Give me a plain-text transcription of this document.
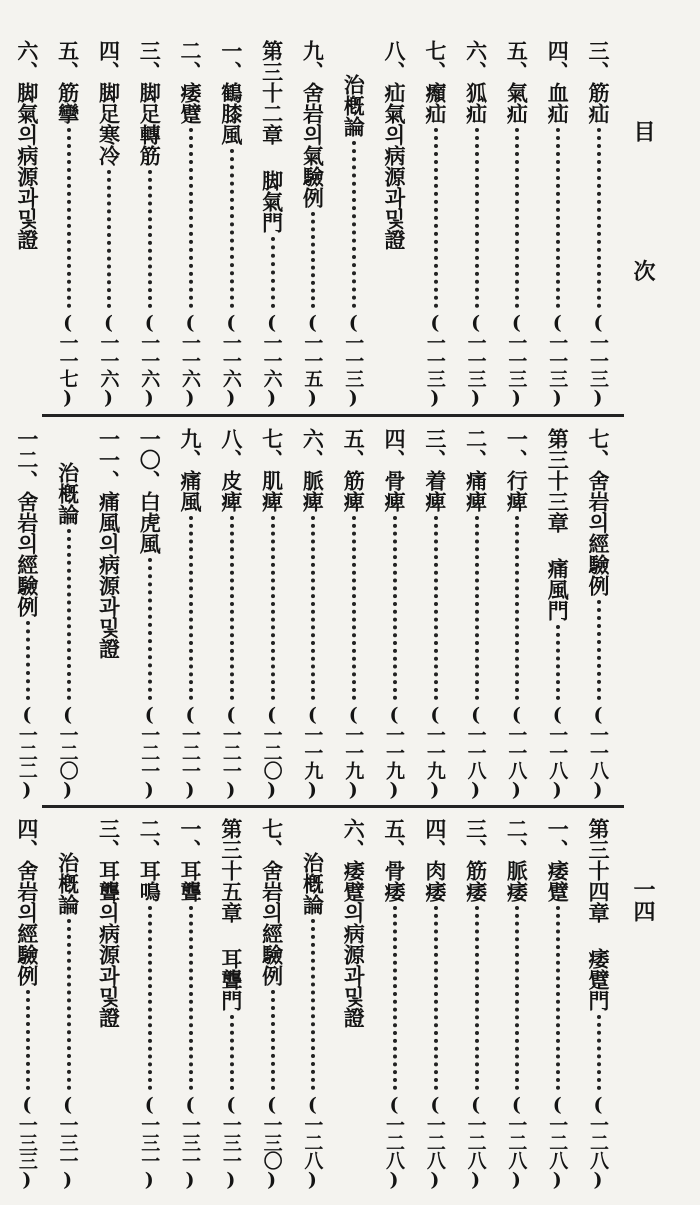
目 次
一四
三、
筋疝
(一一三)
四、
血疝
(一一三)
五、
氣疝
(一一三)
六、
狐疝
(一一三)
七、
㿗疝
(一一三)
八、
疝氣의病源과및證
治槪論
(一一三)
九、
舍岩의氣驗例
(一一五)
第三十二章 脚氣門
(一一六)
一、
鶴膝風
(一一六)
二、
痿躄
(一一六)
三、
脚足轉筋
(一一六)
四、
脚足寒冷
(一一六)
五、
筋攣
(一一七)
六、
脚氣의病源과및證
七、
舍岩의經驗例
(一一八)
第三十三章 痛風門
(一一八)
一、
行痺
(一一八)
二、
痛痺
(一一八)
三、
着痺
(一一九)
四、
骨痺
(一一九)
五、
筋痺
(一一九)
六、
脈痺
(一一九)
七、
肌痺
(一二〇)
八、
皮痺
(一二一)
九、
痛風
(一二一)
一〇、
白虎風
(一二一)
一一、
痛風의病源과및證
治槪論
(一二〇)
一二、
舍岩의經驗例
(一二二)
第三十四章 痿躄門
(一二八)
一、
痿躄
(一二八)
二、
脈痿
(一二八)
三、
筋痿
(一二八)
四、
肉痿
(一二八)
五、
骨痿
(一二八)
六、
痿躄의病源과및證
治槪論
(一二八)
七、
舍岩의經驗例
(一三〇)
第三十五章 耳聾門
(一三一)
一、
耳聾
(一三一)
二、
耳鳴
(一三一)
三、
耳聾의病源과및證
治槪論
(一三一)
四、
舍岩의經驗例
(一三三)
